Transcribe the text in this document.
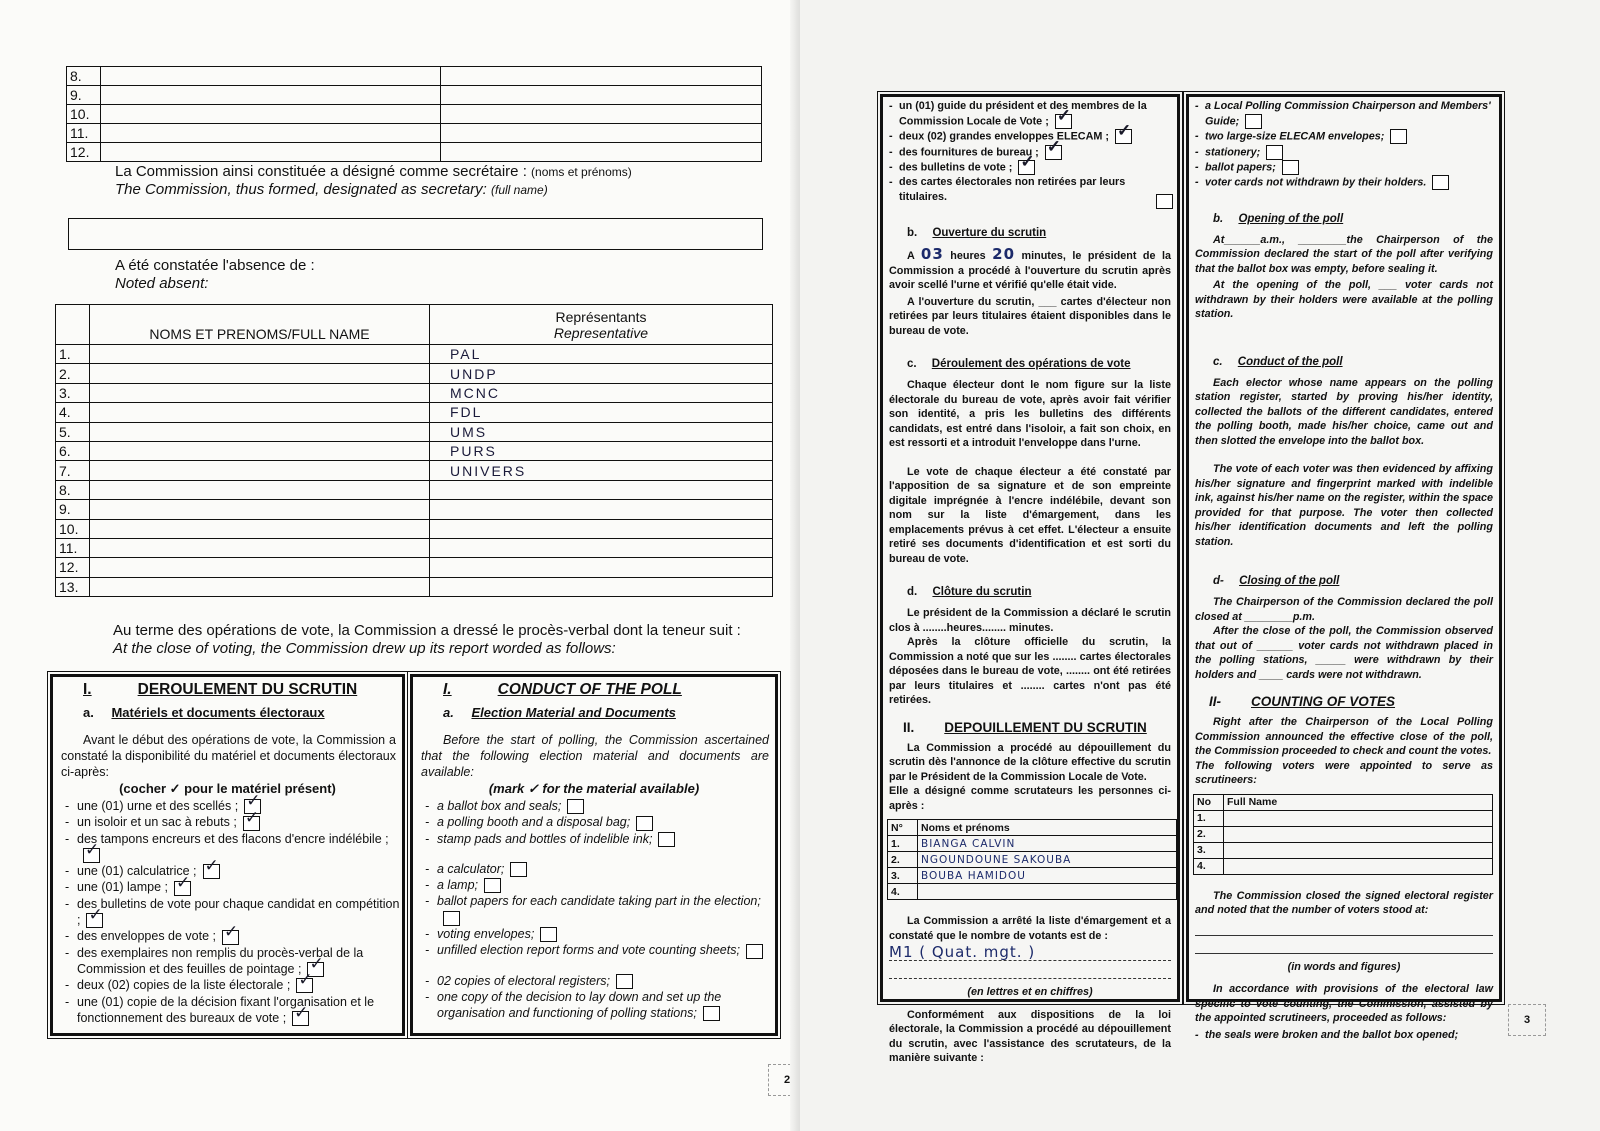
8.		
9.		
10.		
11.		
12.		
La Commission ainsi constituée a désigné comme secrétaire : (noms et prénoms)
The Commission, thus formed, designated as secretary: (full name)
A été constatée l'absence de :
Noted absent:
	NOMS ET PRENOMS/FULL NAME	Représentants
Representative

1.		PAL
2.		UNDP
3.		MCNC
4.		FDL
5.		UMS
6.		PURS
7.		UNIVERS
8.		
9.		
10.		
11.		
12.		
13.		
Au terme des opérations de vote, la Commission a dressé le procès-verbal dont la teneur suit :
At the close of voting, the Commission drew up its report worded as follows:
I.	DEROULEMENT DU SCRUTIN
a. Matériels et documents électoraux
Avant le début des opérations de vote, la Commission a constaté la disponibilité du matériel et documents électoraux ci-après:
(cocher ✓ pour le matériel présent)
- une (01) urne et des scellés ;✓
- un isoloir et un sac à rebuts ;✓
- des tampons encreurs et des flacons d'encre indélébile ;✓
- une (01) calculatrice ;✓
- une (01) lampe ;✓
- des bulletins de vote pour chaque candidat en compétition ;✓
- des enveloppes de vote ;✓
- des exemplaires non remplis du procès-verbal de la Commission et des feuilles de pointage ;✓
- deux (02) copies de la liste électorale ;✓
- une (01) copie de la décision fixant l'organisation et le fonctionnement des bureaux de vote ;✓
I.	CONDUCT OF THE POLL
a. Election Material and Documents
Before the start of polling, the Commission ascertained that the following election material and documents are available:
(mark ✓ for the material available)
- a ballot box and seals;
- a polling booth and a disposal bag;
- stamp pads and bottles of indelible ink;
- a calculator;
- a lamp;
- ballot papers for each candidate taking part in the election;
- voting envelopes;
- unfilled election report forms and vote counting sheets;
- 02 copies of electoral registers;
- one copy of the decision to lay down and set up the organisation and functioning of polling stations;
2
- un (01) guide du président et des membres de la Commission Locale de Vote ;✓
- deux (02) grandes enveloppes ELECAM ;✓
- des fournitures de bureau ;✓
- des bulletins de vote ;✓
- des cartes électorales non retirées par leurs titulaires.
b. Ouverture du scrutin
A 03 heures 20 minutes, le président de la Commission a procédé à l'ouverture du scrutin après avoir scellé l'urne et vérifié qu'elle était vide.
A l'ouverture du scrutin, ___ cartes d'électeur non retirées par leurs titulaires étaient disponibles dans le bureau de vote.
c. Déroulement des opérations de vote
Chaque électeur dont le nom figure sur la liste électorale du bureau de vote, après avoir fait vérifier son identité, a pris les bulletins des différents candidats, est entré dans l'isoloir, a fait son choix, en est ressorti et a introduit l'enveloppe dans l'urne.
Le vote de chaque électeur a été constaté par l'apposition de sa signature et de son empreinte digitale imprégnée à l'encre indélébile, devant son nom sur la liste d'émargement, dans les emplacements prévus à cet effet. L'électeur a ensuite retiré ses documents d'identification et est sorti du bureau de vote.
d. Clôture du scrutin
Le président de la Commission a déclaré le scrutin clos à ........heures........ minutes.
Après la clôture officielle du scrutin, la Commission a noté que sur les ........ cartes électorales déposées dans le bureau de vote, ........ ont été retirées par leurs titulaires et ........ cartes n'ont pas été retirées.
II. DEPOUILLEMENT DU SCRUTIN
La Commission a procédé au dépouillement du scrutin dès l'annonce de la clôture effective du scrutin par le Président de la Commission Locale de Vote.
Elle a désigné comme scrutateurs les personnes ci-après :
N°	Noms et prénoms
1.	BIANGA CALVIN
2.	NGOUNDOUNE SAKOUBA
3.	BOUBA HAMIDOU
4.	
La Commission a arrêté la liste d'émargement et a constaté que le nombre de votants est de :
M1 ( Quat. mgt. )
(en lettres et en chiffres)
Conformément aux dispositions de la loi électorale, la Commission a procédé au dépouillement du scrutin, avec l'assistance des scrutateurs, de la manière suivante :
- a Local Polling Commission Chairperson and Members' Guide;
- two large-size ELECAM envelopes;
- stationery;
- ballot papers;
- voter cards not withdrawn by their holders.
b. Opening of the poll
At______a.m., ________the Chairperson of the Commission declared the start of the poll after verifying that the ballot box was empty, before sealing it.
At the opening of the poll, ___ voter cards not withdrawn by their holders were available at the polling station.
c. Conduct of the poll
Each elector whose name appears on the polling station register, started by proving his/her identity, collected the ballots of the different candidates, entered the polling booth, made his/her choice, came out and then slotted the envelope into the ballot box.
The vote of each voter was then evidenced by affixing his/her signature and fingerprint marked with indelible ink, against his/her name on the register, within the space provided for that purpose. The voter then collected his/her identification documents and left the polling station.
d- Closing of the poll
The Chairperson of the Commission declared the poll closed at ________p.m.
After the close of the poll, the Commission observed that out of ______ voter cards not withdrawn placed in the polling stations, _____ were withdrawn by their holders and ____ cards were not withdrawn.
II- COUNTING OF VOTES
Right after the Chairperson of the Local Polling Commission announced the effective close of the poll, the Commission proceeded to check and count the votes.
The following voters were appointed to serve as scrutineers:
No	Full Name
1.	
2.	
3.	
4.	
The Commission closed the signed electoral register and noted that the number of voters stood at:
(in words and figures)
In accordance with provisions of the electoral law specific to vote counting, the Commission, assisted by the appointed scrutineers, proceeded as follows:
- the seals were broken and the ballot box opened;
3
